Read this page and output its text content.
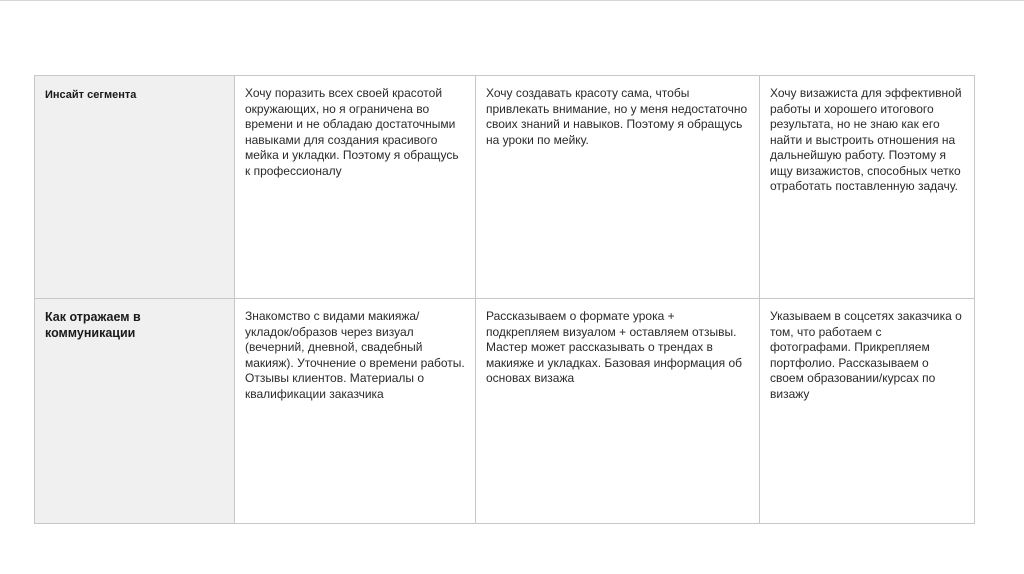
Инсайт сегмента	Хочу поразить всех своей красотой окружающих, но я ограничена во времени и не обладаю достаточными навыками для создания красивого мейка и укладки. Поэтому я обращусь к профессионалу	Хочу создавать красоту сама, чтобы привлекать внимание, но у меня недостаточно своих знаний и навыков. Поэтому я обращусь на уроки по мейку.	Хочу визажиста для эффективной работы и хорошего итогового результата, но не знаю как его найти и выстроить отношения на дальнейшую работу. Поэтому я ищу визажистов, способных четко отработать поставленную задачу.

Как отражаем в коммуникации	Знакомство с видами макияжа/укладок/образов через визуал (вечерний, дневной, свадебный макияж). Уточнение о времени работы. Отзывы клиентов. Материалы о квалификации заказчика	Рассказываем о формате урока + подкрепляем визуалом + оставляем отзывы. Мастер может рассказывать о трендах в макияже и укладках. Базовая информация об основах визажа	Указываем в соцсетях заказчика о том, что работаем с фотографами. Прикрепляем портфолио. Рассказываем о своем образовании/курсах по визажу
